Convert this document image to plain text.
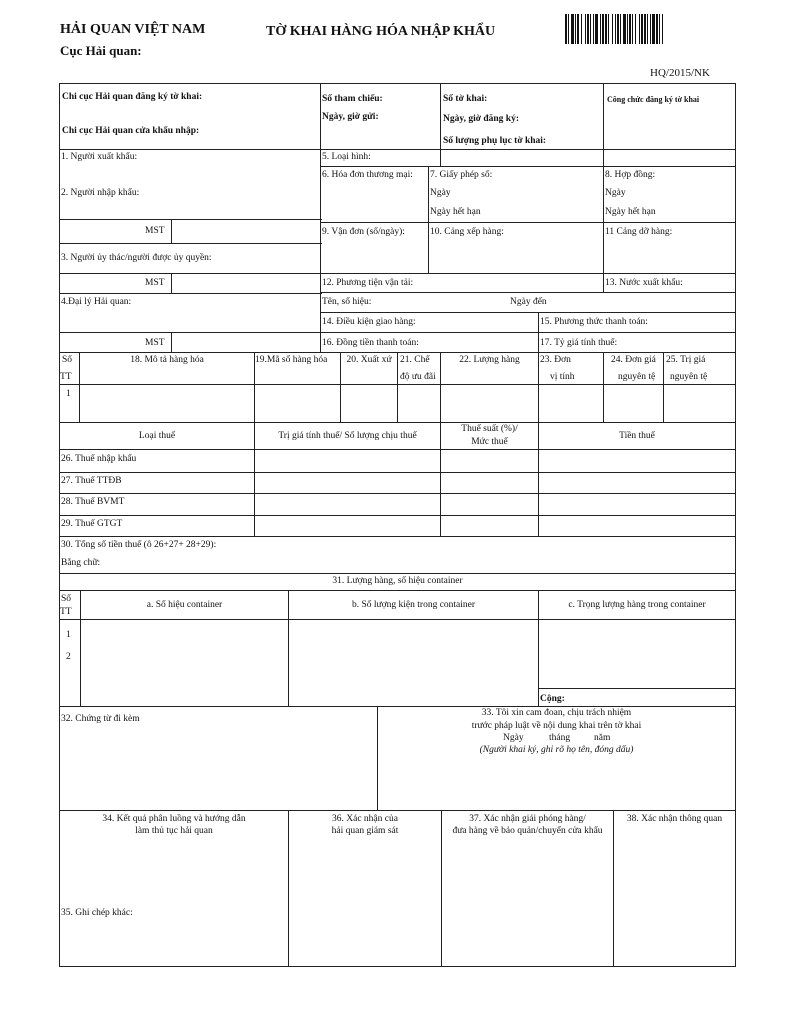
HẢI QUAN VIỆT NAM
Cục Hải quan:
TỜ KHAI HÀNG HÓA NHẬP KHẨU
HQ/2015/NK
Chi cục Hải quan đăng ký tờ khai:
Chi cục Hải quan cửa khẩu nhập:
Số tham chiếu:
Ngày, giờ gửi:
Số tờ khai:
Ngày, giờ đăng ký:
Số lượng phụ lục tờ khai:
Công chức đăng ký tờ khai
1. Người xuất khẩu:
2. Người nhập khẩu:
MST
3. Người ủy thác/người được ủy quyền:
MST
4.Đại lý Hải quan:
MST
5. Loại hình:
6. Hóa đơn thương mại: 7. Giấy phép số:
Ngày
Ngày hết hạn
8. Hợp đồng:
Ngày
Ngày hết hạn
9. Vận đơn (số/ngày):	10. Cảng xếp hàng:	11 Cảng dỡ hàng:
12. Phương tiện vận tải:	13. Nước xuất khẩu:
Tên, số hiệu:	Ngày đến
14. Điều kiện giao hàng:	15. Phương thức thanh toán:
16. Đồng tiền thanh toán:	17. Tỷ giá tính thuế:
Số
TT
18. Mô tả hàng hóa	19.Mã số hàng hóa	20. Xuất xứ 21. Chế
độ ưu đãi
22. Lượng hàng	23. Đơn
vị tính
24. Đơn giá
nguyên tệ
25. Trị giá
nguyên tệ
1
Loại thuế	Trị giá tính thuế/ Số lượng chịu thuế
Thuế suất (%)/
Mức thuế
Tiền thuế
26. Thuế nhập khẩu
27. Thuế TTĐB
28. Thuế BVMT
29. Thuế GTGT
30. Tổng số tiền thuế (ô 26+27+ 28+29):
Bằng chữ:
31. Lượng hàng, số hiệu container
Số
TT
a. Số hiệu container	b. Số lượng kiện trong container	c. Trọng lượng hàng trong container
1
2
Cộng:
32. Chứng từ đi kèm
33. Tôi xin cam đoan, chịu trách nhiệm
trước pháp luật về nội dung khai trên tờ khai
Ngày	tháng	năm
(Người khai ký, ghi rõ họ tên, đóng dấu)
34. Kết quả phân luồng và hướng dẫn
làm thủ tục hải quan
36. Xác nhận của
hải quan giám sát
37. Xác nhận giải phóng hàng/
đưa hàng về bảo quản/chuyển cửa khẩu
38. Xác nhận thông quan
35. Ghi chép khác:
